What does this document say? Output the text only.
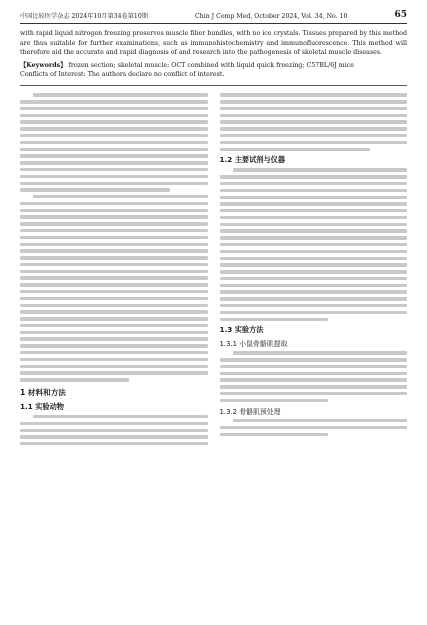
中国比较医学杂志 2024年10月第34卷第10期	Chin J Comp Med, October 2024, Vol. 34, No. 10	65
with rapid liquid nitrogen freezing preserves muscle fiber bundles, with no ice crystals. Tissues prepared by this method are thus suitable for further examinations, such as immunohistochemistry and immunofluorescence. This method will therefore aid the accurate and rapid diagnosis of and research into the pathogenesis of skeletal muscle diseases.
【Keywords】 frozen section; skeletal muscle; OCT combined with liquid quick freezing; C57BL/6J mice
Conflicts of Interest: The authors declare no conflict of interest.
1 材料和方法
1.1 实验动物
1.2 主要试剂与仪器
1.3 实验方法
1.3.1 小鼠骨骼肌提取
1.3.2 骨骼肌预处理
